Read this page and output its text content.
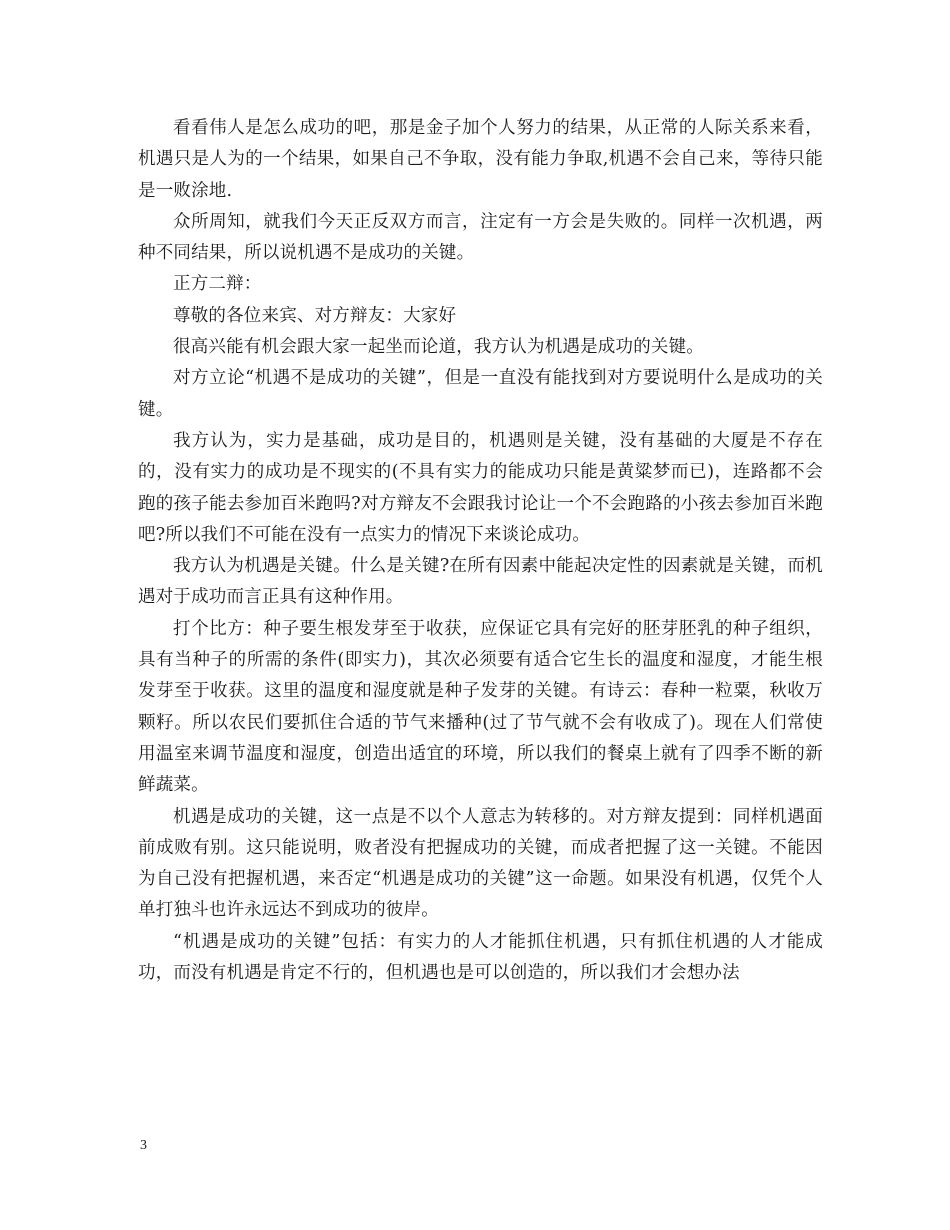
看看伟人是怎么成功的吧，那是金子加个人努力的结果，从正常的人际关系来看，机遇只是人为的一个结果，如果自己不争取，没有能力争取,机遇不会自己来，等待只能是一败涂地.

众所周知，就我们今天正反双方而言，注定有一方会是失败的。同样一次机遇，两种不同结果，所以说机遇不是成功的关键。

正方二辩：

尊敬的各位来宾、对方辩友：大家好

很高兴能有机会跟大家一起坐而论道，我方认为机遇是成功的关键。

对方立论“机遇不是成功的关键”，但是一直没有能找到对方要说明什么是成功的关键。

我方认为，实力是基础，成功是目的，机遇则是关键，没有基础的大厦是不存在的，没有实力的成功是不现实的(不具有实力的能成功只能是黄粱梦而已)，连路都不会跑的孩子能去参加百米跑吗?对方辩友不会跟我讨论让一个不会跑路的小孩去参加百米跑吧?所以我们不可能在没有一点实力的情况下来谈论成功。

我方认为机遇是关键。什么是关键?在所有因素中能起决定性的因素就是关键，而机遇对于成功而言正具有这种作用。

打个比方：种子要生根发芽至于收获，应保证它具有完好的胚芽胚乳的种子组织，具有当种子的所需的条件(即实力)，其次必须要有适合它生长的温度和湿度，才能生根发芽至于收获。这里的温度和湿度就是种子发芽的关键。有诗云：春种一粒粟，秋收万颗籽。所以农民们要抓住合适的节气来播种(过了节气就不会有收成了)。现在人们常使用温室来调节温度和湿度，创造出适宜的环境，所以我们的餐桌上就有了四季不断的新鲜蔬菜。

机遇是成功的关键，这一点是不以个人意志为转移的。对方辩友提到：同样机遇面前成败有别。这只能说明，败者没有把握成功的关键，而成者把握了这一关键。不能因为自己没有把握机遇，来否定“机遇是成功的关键”这一命题。如果没有机遇，仅凭个人单打独斗也许永远达不到成功的彼岸。

“机遇是成功的关键”包括：有实力的人才能抓住机遇，只有抓住机遇的人才能成功，而没有机遇是肯定不行的，但机遇也是可以创造的，所以我们才会想办法

3
